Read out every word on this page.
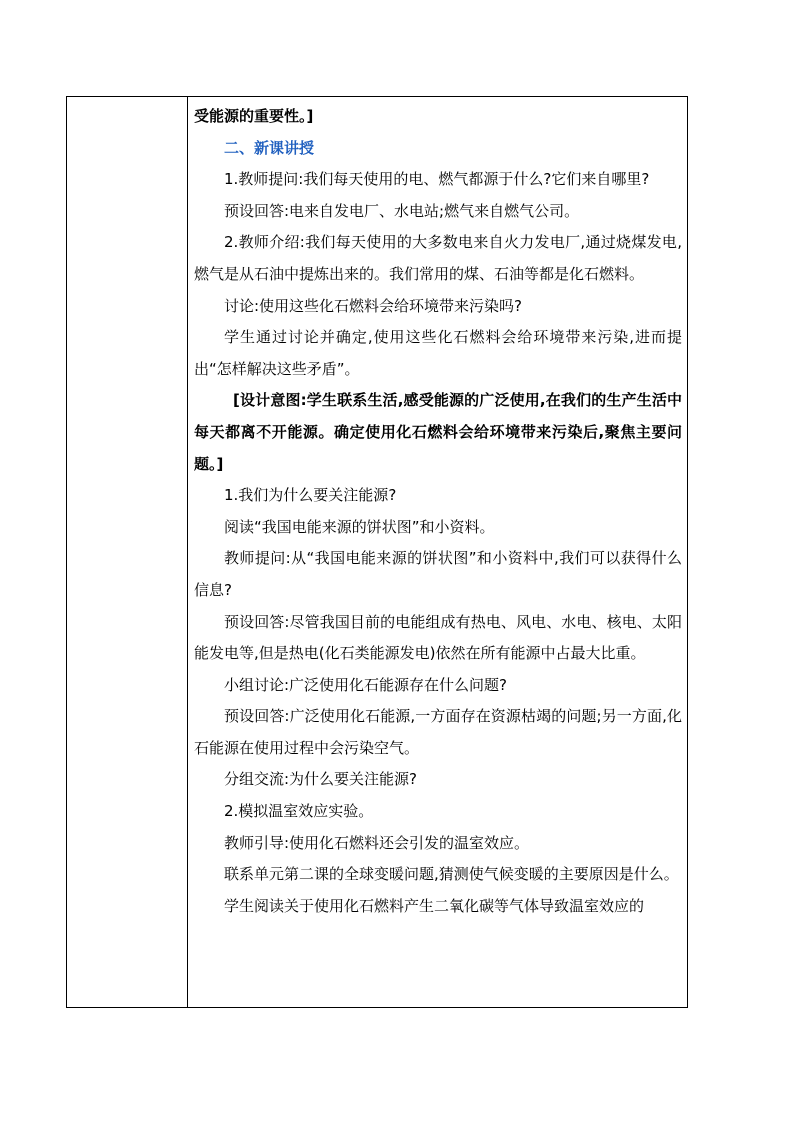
受能源的重要性。]

二、新课讲授

1.教师提问:我们每天使用的电、燃气都源于什么?它们来自哪里?

预设回答:电来自发电厂、水电站;燃气来自燃气公司。

2.教师介绍:我们每天使用的大多数电来自火力发电厂,通过烧煤发电,燃气是从石油中提炼出来的。我们常用的煤、石油等都是化石燃料。

讨论:使用这些化石燃料会给环境带来污染吗?

学生通过讨论并确定,使用这些化石燃料会给环境带来污染,进而提出“怎样解决这些矛盾”。

[设计意图:学生联系生活,感受能源的广泛使用,在我们的生产生活中每天都离不开能源。确定使用化石燃料会给环境带来污染后,聚焦主要问题。]

1.我们为什么要关注能源?

阅读“我国电能来源的饼状图”和小资料。

教师提问:从“我国电能来源的饼状图”和小资料中,我们可以获得什么信息?

预设回答:尽管我国目前的电能组成有热电、风电、水电、核电、太阳能发电等,但是热电(化石类能源发电)依然在所有能源中占最大比重。

小组讨论:广泛使用化石能源存在什么问题?

预设回答:广泛使用化石能源,一方面存在资源枯竭的问题;另一方面,化石能源在使用过程中会污染空气。

分组交流:为什么要关注能源?

2.模拟温室效应实验。

教师引导:使用化石燃料还会引发的温室效应。

联系单元第二课的全球变暖问题,猜测使气候变暖的主要原因是什么。

学生阅读关于使用化石燃料产生二氧化碳等气体导致温室效应的
